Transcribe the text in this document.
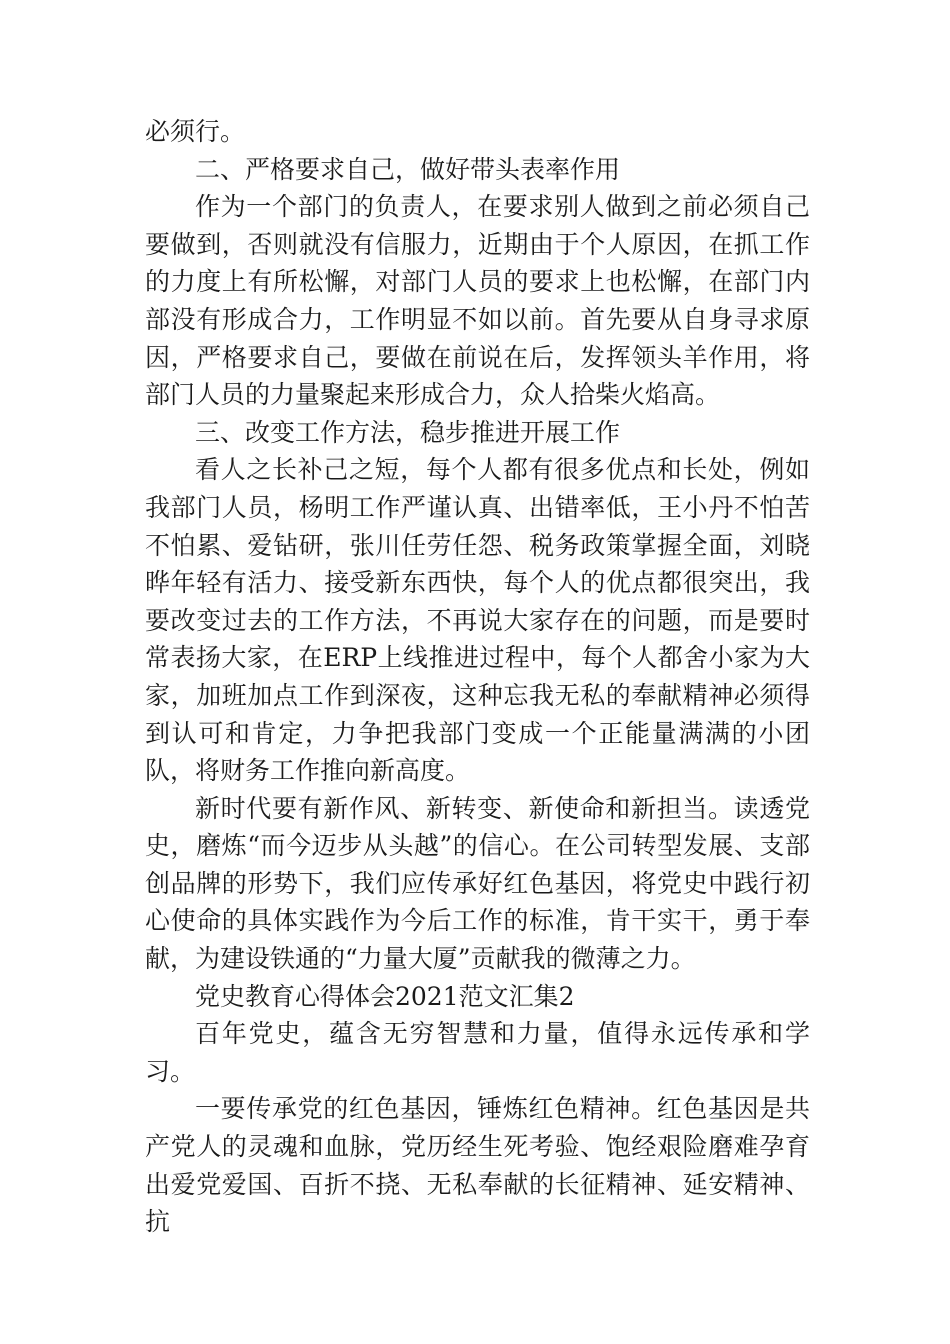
必须行。

二、严格要求自己，做好带头表率作用

作为一个部门的负责人，在要求别人做到之前必须自己要做到，否则就没有信服力，近期由于个人原因，在抓工作的力度上有所松懈，对部门人员的要求上也松懈，在部门内部没有形成合力，工作明显不如以前。首先要从自身寻求原因，严格要求自己，要做在前说在后，发挥领头羊作用，将部门人员的力量聚起来形成合力，众人拾柴火焰高。

三、改变工作方法，稳步推进开展工作

看人之长补己之短，每个人都有很多优点和长处，例如我部门人员，杨明工作严谨认真、出错率低，王小丹不怕苦不怕累、爱钻研，张川任劳任怨、税务政策掌握全面，刘晓晔年轻有活力、接受新东西快，每个人的优点都很突出，我要改变过去的工作方法，不再说大家存在的问题，而是要时常表扬大家，在ERP上线推进过程中，每个人都舍小家为大家，加班加点工作到深夜，这种忘我无私的奉献精神必须得到认可和肯定，力争把我部门变成一个正能量满满的小团队，将财务工作推向新高度。

新时代要有新作风、新转变、新使命和新担当。读透党史，磨炼“而今迈步从头越”的信心。在公司转型发展、支部创品牌的形势下，我们应传承好红色基因，将党史中践行初心使命的具体实践作为今后工作的标准，肯干实干，勇于奉献，为建设铁通的“力量大厦”贡献我的微薄之力。

党史教育心得体会2021范文汇集2

百年党史，蕴含无穷智慧和力量，值得永远传承和学习。

一要传承党的红色基因，锤炼红色精神。红色基因是共产党人的灵魂和血脉，党历经生死考验、饱经艰险磨难孕育出爱党爱国、百折不挠、无私奉献的长征精神、延安精神、抗
